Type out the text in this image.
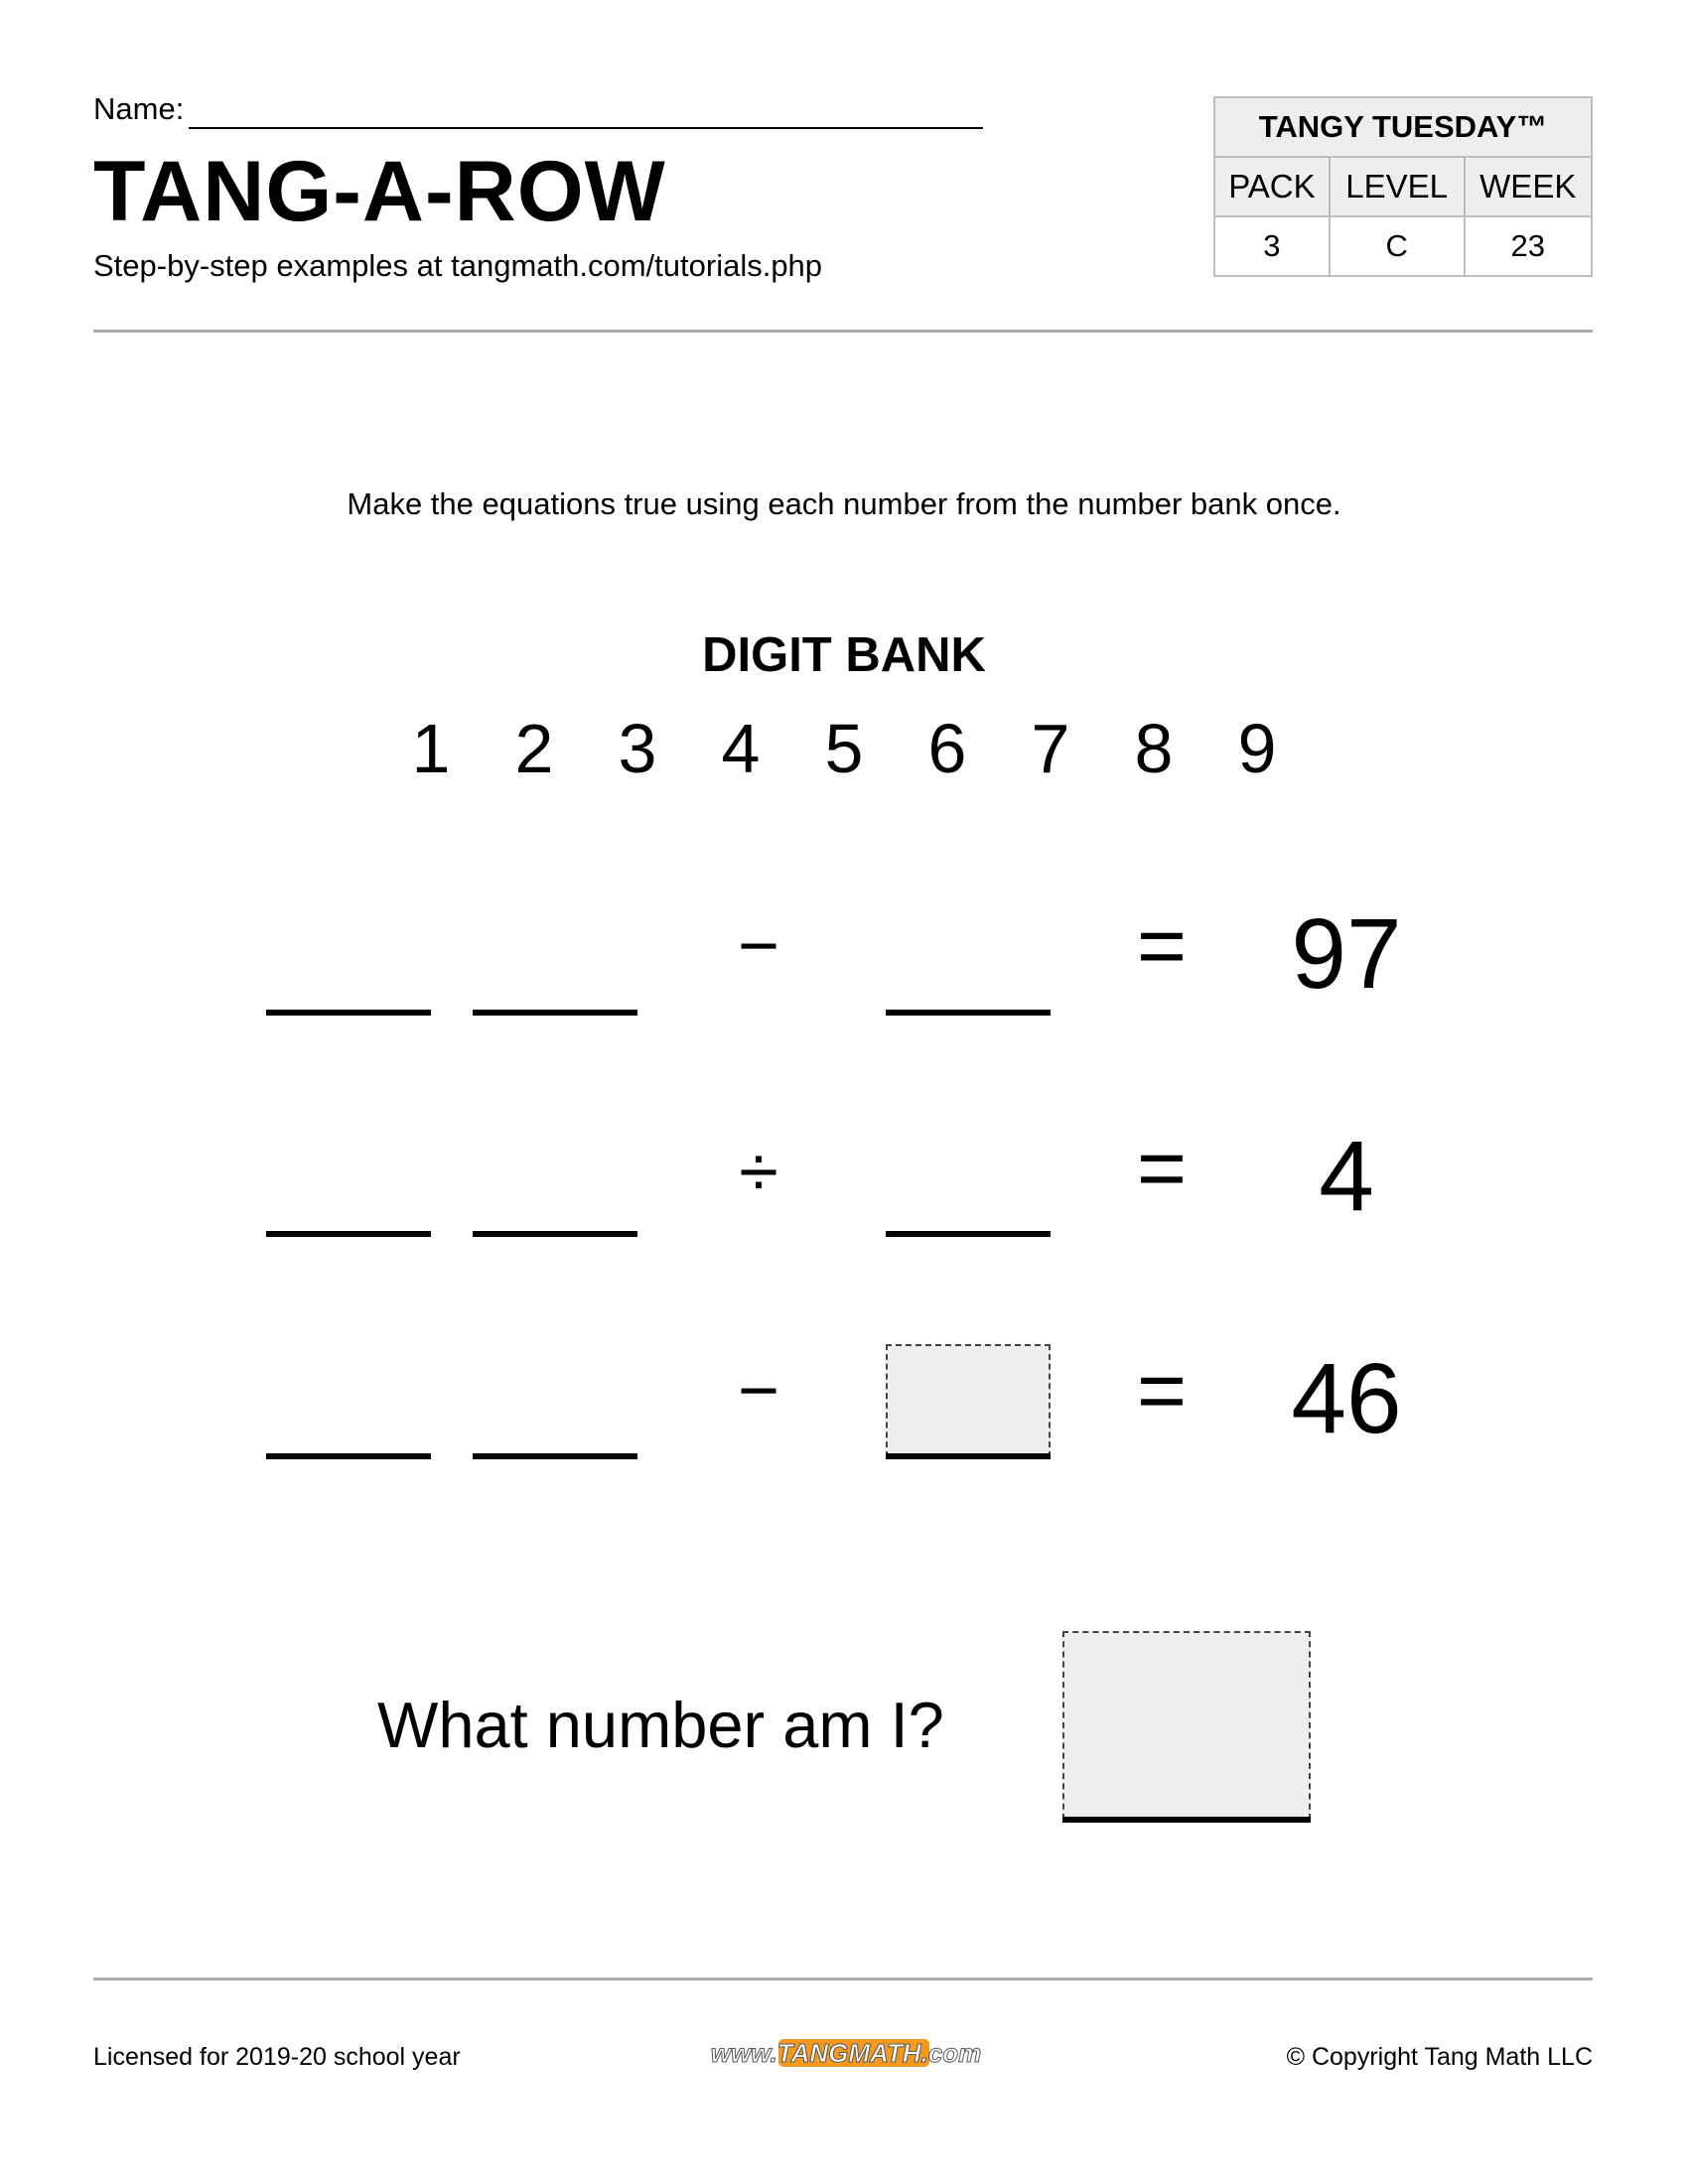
Name:
TANG-A-ROW
Step-by-step examples at tangmath.com/tutorials.php
TANGY TUESDAY™		
PACK	LEVEL	WEEK
3	C	23
Make the equations true using each number from the number bank once.
DIGIT BANK
1 2 3 4 5 6 7 8 9
−	=	97
÷	=	4
−	=	46
What number am I?
Licensed for 2019-20 school year	www.TANGMATH.com	© Copyright Tang Math LLC
